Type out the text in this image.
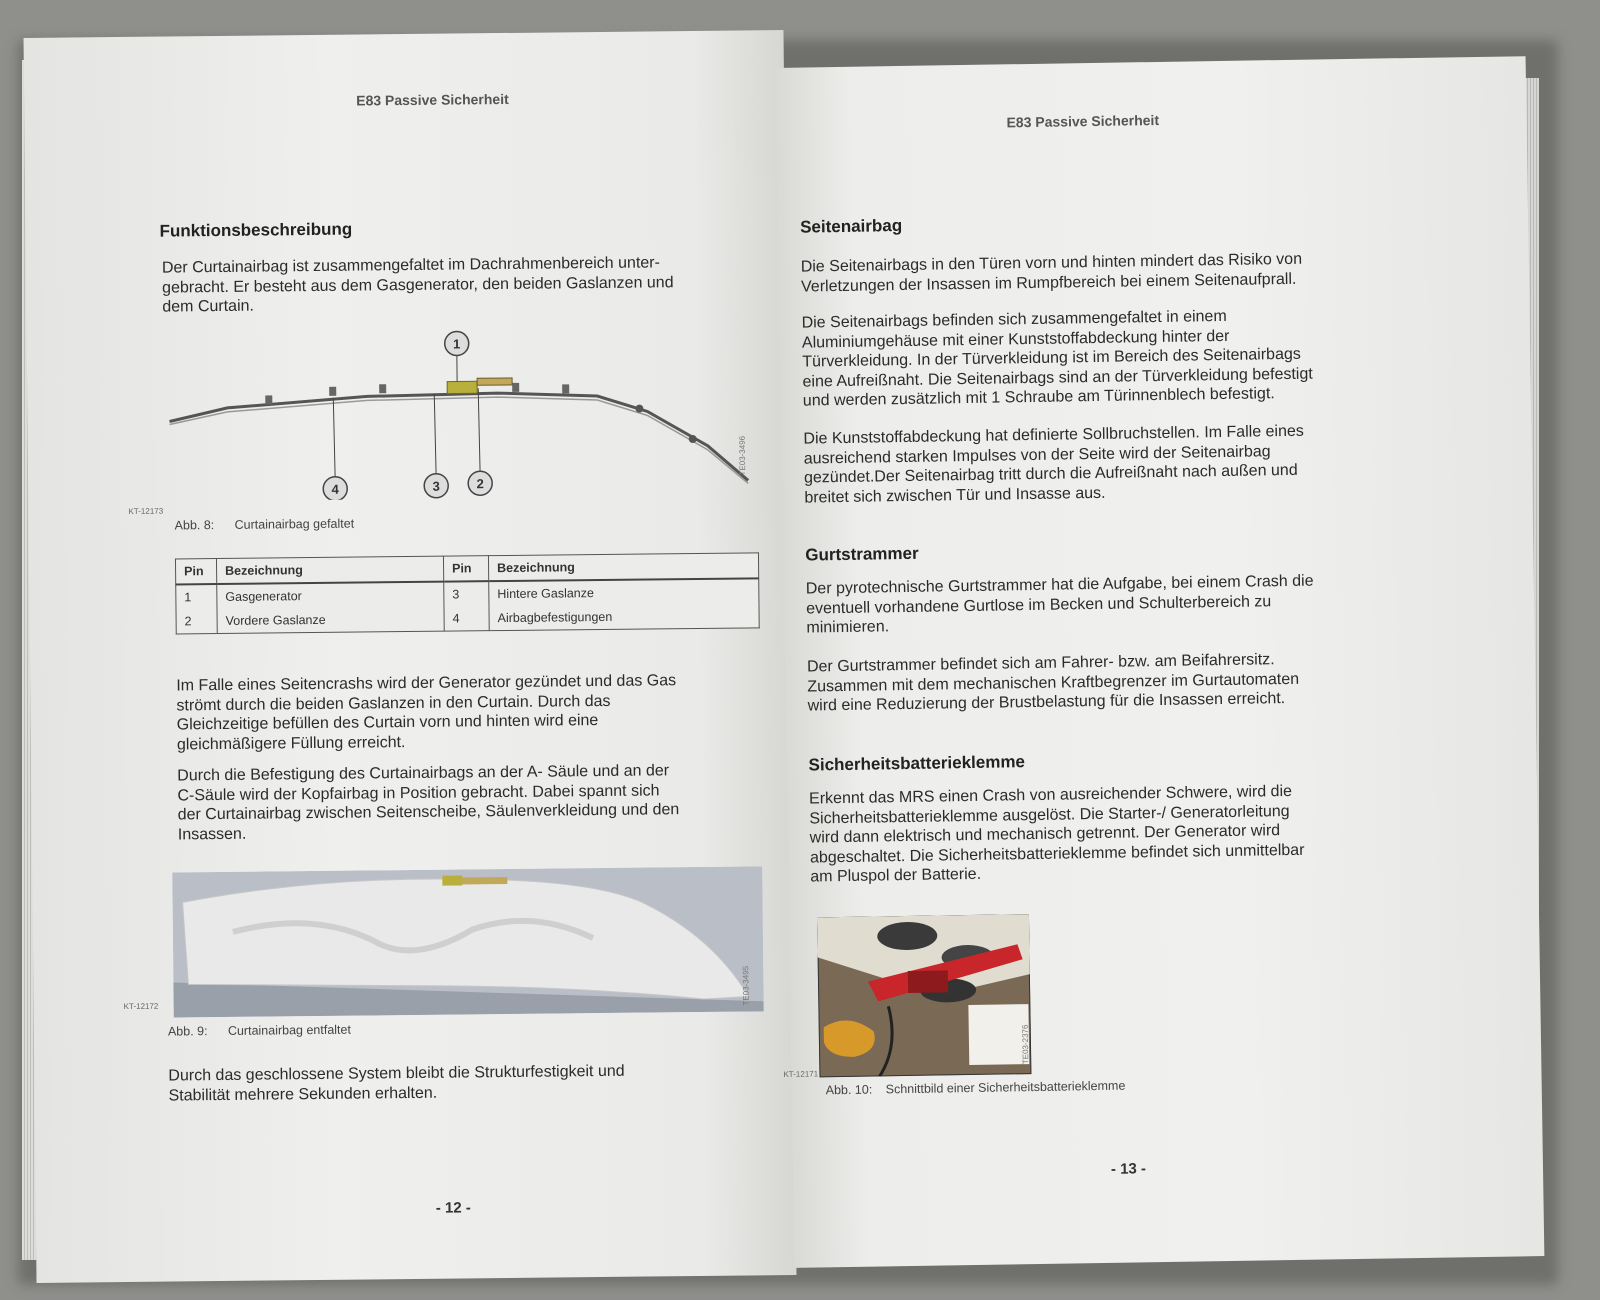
E83 Passive Sicherheit
Funktionsbeschreibung
Der Curtainairbag ist zusammengefaltet im Dachrahmenbereich unter-
gebracht. Er besteht aus dem Gasgenerator, den beiden Gaslanzen und
dem Curtain.
1
2
3
4
TE03-3496
KT-12173
Abb. 8: Curtainairbag gefaltet
Pin	Bezeichnung	Pin	Bezeichnung
1	Gasgenerator	3	Hintere Gaslanze
2	Vordere Gaslanze	4	Airbagbefestigungen
Im Falle eines Seitencrashs wird der Generator gezündet und das Gas
strömt durch die beiden Gaslanzen in den Curtain. Durch das
Gleichzeitige befüllen des Curtain vorn und hinten wird eine
gleichmäßigere Füllung erreicht.
Durch die Befestigung des Curtainairbags an der A- Säule und an der
C-Säule wird der Kopfairbag in Position gebracht. Dabei spannt sich
der Curtainairbag zwischen Seitenscheibe, Säulenverkleidung und den
Insassen.
TE03-3495
KT-12172
Abb. 9: Curtainairbag entfaltet
Durch das geschlossene System bleibt die Strukturfestigkeit und
Stabilität mehrere Sekunden erhalten.
- 12 -
E83 Passive Sicherheit
Seitenairbag
Die Seitenairbags in den Türen vorn und hinten mindert das Risiko von
Verletzungen der Insassen im Rumpfbereich bei einem Seitenaufprall.
Die Seitenairbags befinden sich zusammengefaltet in einem
Aluminiumgehäuse mit einer Kunststoffabdeckung hinter der
Türverkleidung. In der Türverkleidung ist im Bereich des Seitenairbags
eine Aufreißnaht. Die Seitenairbags sind an der Türverkleidung befestigt
und werden zusätzlich mit 1 Schraube am Türinnenblech befestigt.
Die Kunststoffabdeckung hat definierte Sollbruchstellen. Im Falle eines
ausreichend starken Impulses von der Seite wird der Seitenairbag
gezündet.Der Seitenairbag tritt durch die Aufreißnaht nach außen und
breitet sich zwischen Tür und Insasse aus.
Gurtstrammer
Der pyrotechnische Gurtstrammer hat die Aufgabe, bei einem Crash die
eventuell vorhandene Gurtlose im Becken und Schulterbereich zu
minimieren.
Der Gurtstrammer befindet sich am Fahrer- bzw. am Beifahrersitz.
Zusammen mit dem mechanischen Kraftbegrenzer im Gurtautomaten
wird eine Reduzierung der Brustbelastung für die Insassen erreicht.
Sicherheitsbatterieklemme
Erkennt das MRS einen Crash von ausreichender Schwere, wird die
Sicherheitsbatterieklemme ausgelöst. Die Starter-/ Generatorleitung
wird dann elektrisch und mechanisch getrennt. Der Generator wird
abgeschaltet. Die Sicherheitsbatterieklemme befindet sich unmittelbar
am Pluspol der Batterie.
TE03-2376
KT-12171
Abb. 10: Schnittbild einer Sicherheitsbatterieklemme
- 13 -
